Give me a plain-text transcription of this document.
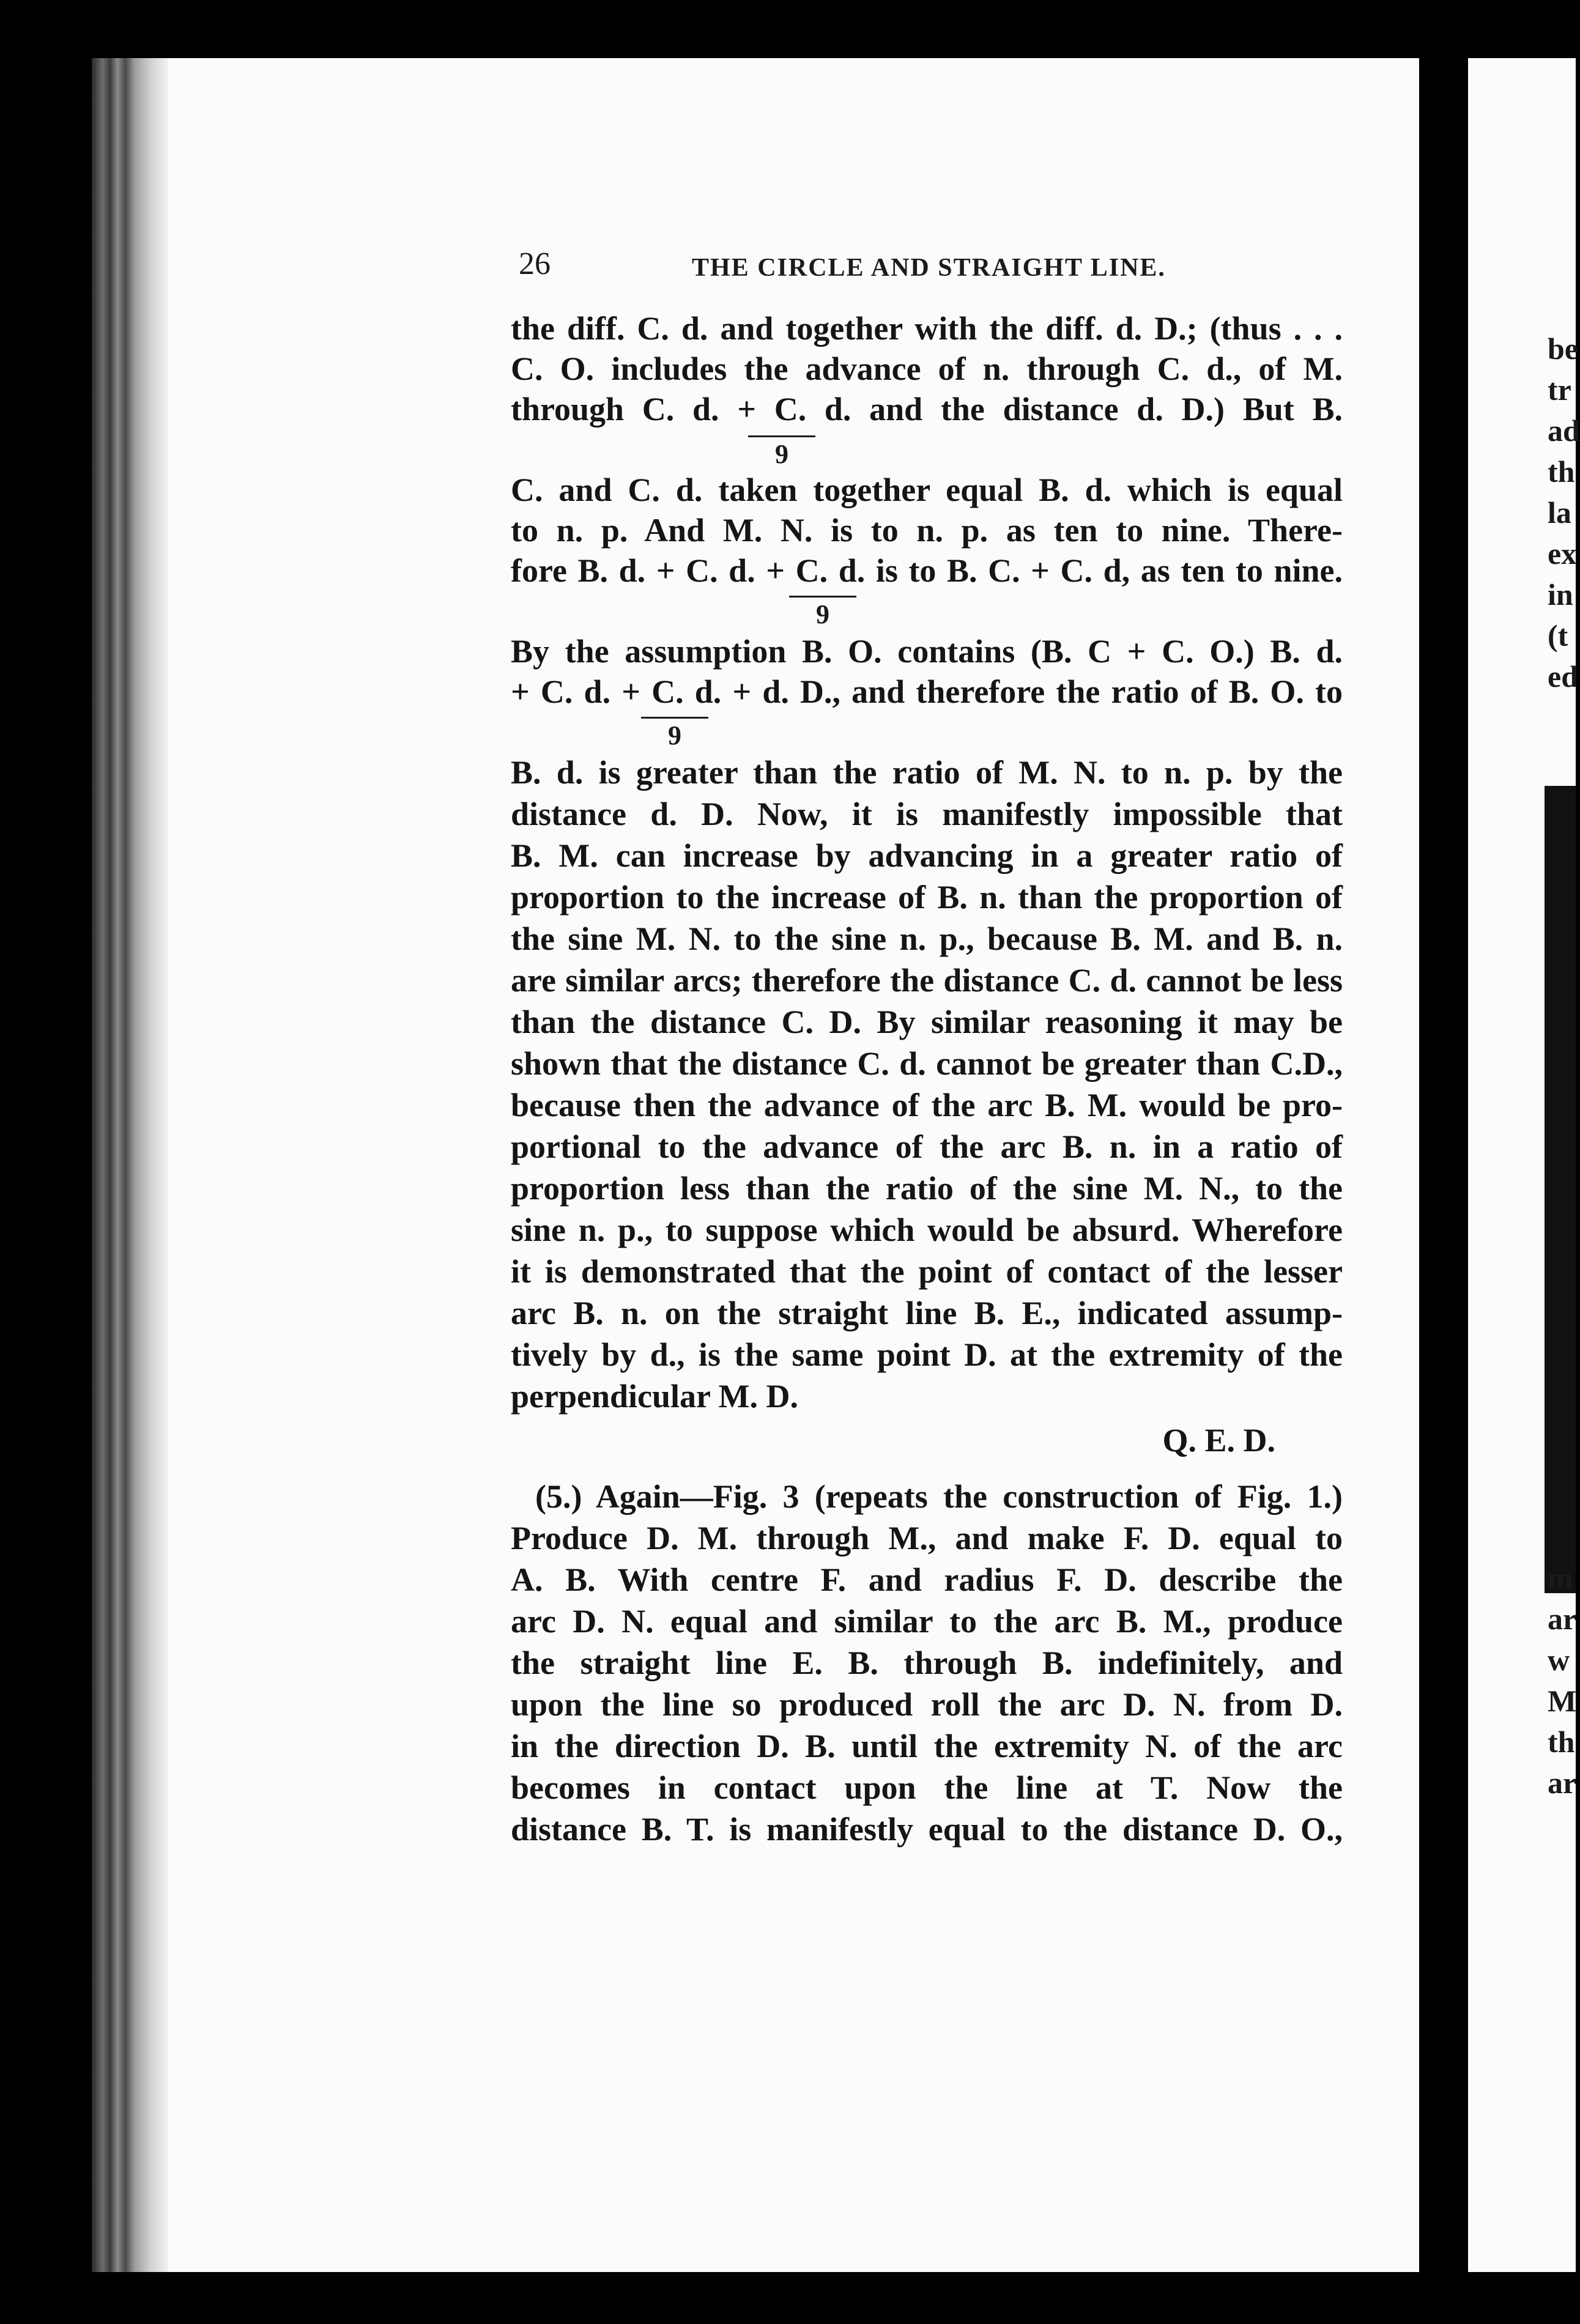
be
tr
ad
th
la
ex
in
(t
ed
m
ar
w
M
th
ar
26	THE CIRCLE AND STRAIGHT LINE.
the diff. C. d. and together with the diff. d. D.; (thus . . .
C. O. includes the advance of n. through C. d., of M.
through C. d. + C. d. and the distance d. D.) But B.
9
C. and C. d. taken together equal B. d. which is equal
to n. p. And M. N. is to n. p. as ten to nine. There-
fore B. d. + C. d. + C. d. is to B. C. + C. d, as ten to nine.
9
By the assumption B. O. contains (B. C + C. O.) B. d.
+ C. d. + C. d. + d. D., and therefore the ratio of B. O. to
9
B. d. is greater than the ratio of M. N. to n. p. by the
distance d. D. Now, it is manifestly impossible that
B. M. can increase by advancing in a greater ratio of
proportion to the increase of B. n. than the proportion of
the sine M. N. to the sine n. p., because B. M. and B. n.
are similar arcs; therefore the distance C. d. cannot be less
than the distance C. D. By similar reasoning it may be
shown that the distance C. d. cannot be greater than C.D.,
because then the advance of the arc B. M. would be pro-
portional to the advance of the arc B. n. in a ratio of
proportion less than the ratio of the sine M. N., to the
sine n. p., to suppose which would be absurd. Wherefore
it is demonstrated that the point of contact of the lesser
arc B. n. on the straight line B. E., indicated assump-
tively by d., is the same point D. at the extremity of the
perpendicular M. D.
Q. E. D.
(5.) Again—Fig. 3 (repeats the construction of Fig. 1.)
Produce D. M. through M., and make F. D. equal to
A. B. With centre F. and radius F. D. describe the
arc D. N. equal and similar to the arc B. M., produce
the straight line E. B. through B. indefinitely, and
upon the line so produced roll the arc D. N. from D.
in the direction D. B. until the extremity N. of the arc
becomes in contact upon the line at T. Now the
distance B. T. is manifestly equal to the distance D. O.,
